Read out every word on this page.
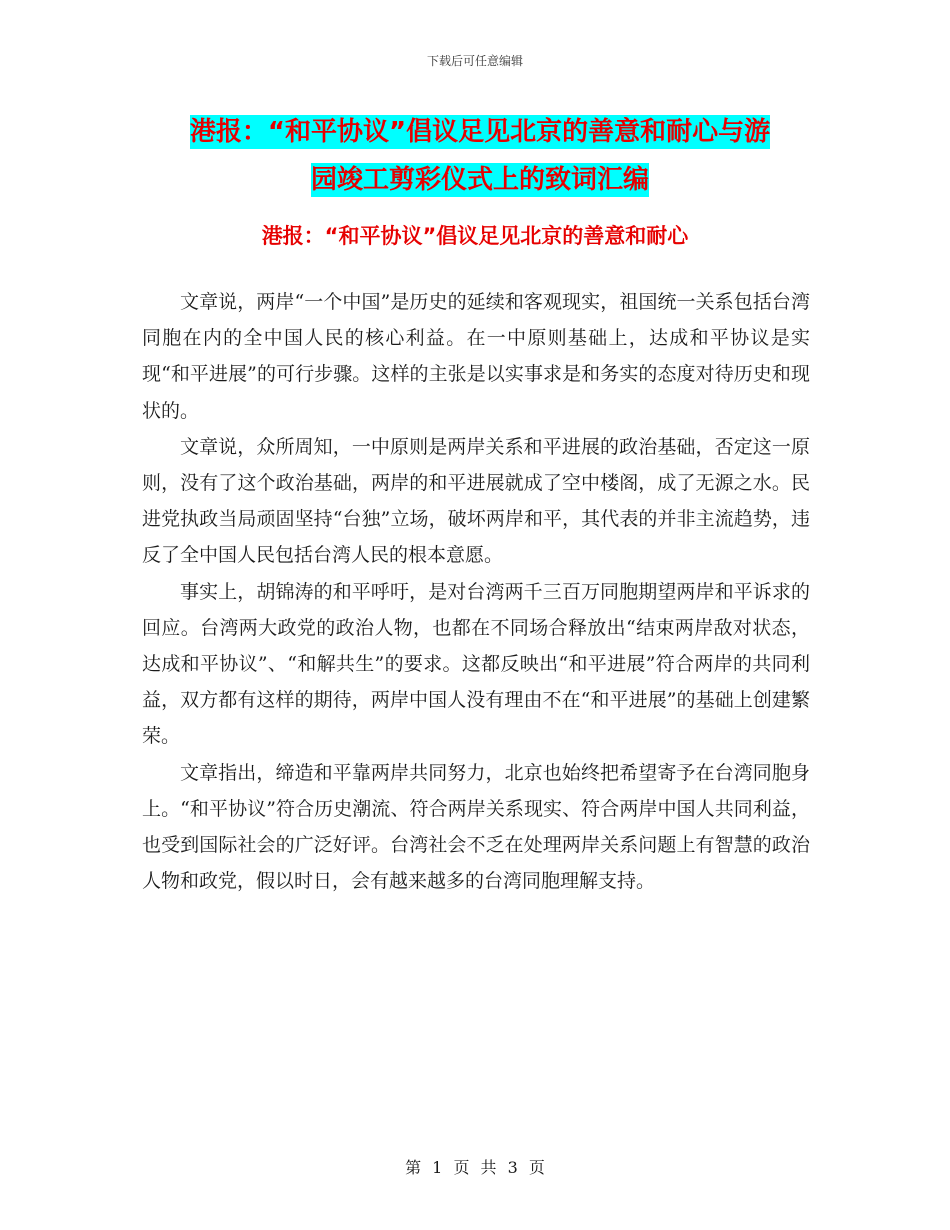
下载后可任意编辑
港报：“和平协议”倡议足见北京的善意和耐心与游
园竣工剪彩仪式上的致词汇编
港报：“和平协议”倡议足见北京的善意和耐心

文章说，两岸“一个中国”是历史的延续和客观现实，祖国统一关系包括台湾同胞在内的全中国人民的核心利益。在一中原则基础上，达成和平协议是实现“和平进展”的可行步骤。这样的主张是以实事求是和务实的态度对待历史和现状的。

文章说，众所周知，一中原则是两岸关系和平进展的政治基础，否定这一原则，没有了这个政治基础，两岸的和平进展就成了空中楼阁，成了无源之水。民进党执政当局顽固坚持“台独”立场，破坏两岸和平，其代表的并非主流趋势，违反了全中国人民包括台湾人民的根本意愿。

事实上，胡锦涛的和平呼吁，是对台湾两千三百万同胞期望两岸和平诉求的回应。台湾两大政党的政治人物，也都在不同场合释放出“结束两岸敌对状态，达成和平协议”、“和解共生”的要求。这都反映出“和平进展”符合两岸的共同利益，双方都有这样的期待，两岸中国人没有理由不在“和平进展”的基础上创建繁荣。

文章指出，缔造和平靠两岸共同努力，北京也始终把希望寄予在台湾同胞身上。“和平协议”符合历史潮流、符合两岸关系现实、符合两岸中国人共同利益，也受到国际社会的广泛好评。台湾社会不乏在处理两岸关系问题上有智慧的政治人物和政党，假以时日，会有越来越多的台湾同胞理解支持。

第 1 页 共 3 页
